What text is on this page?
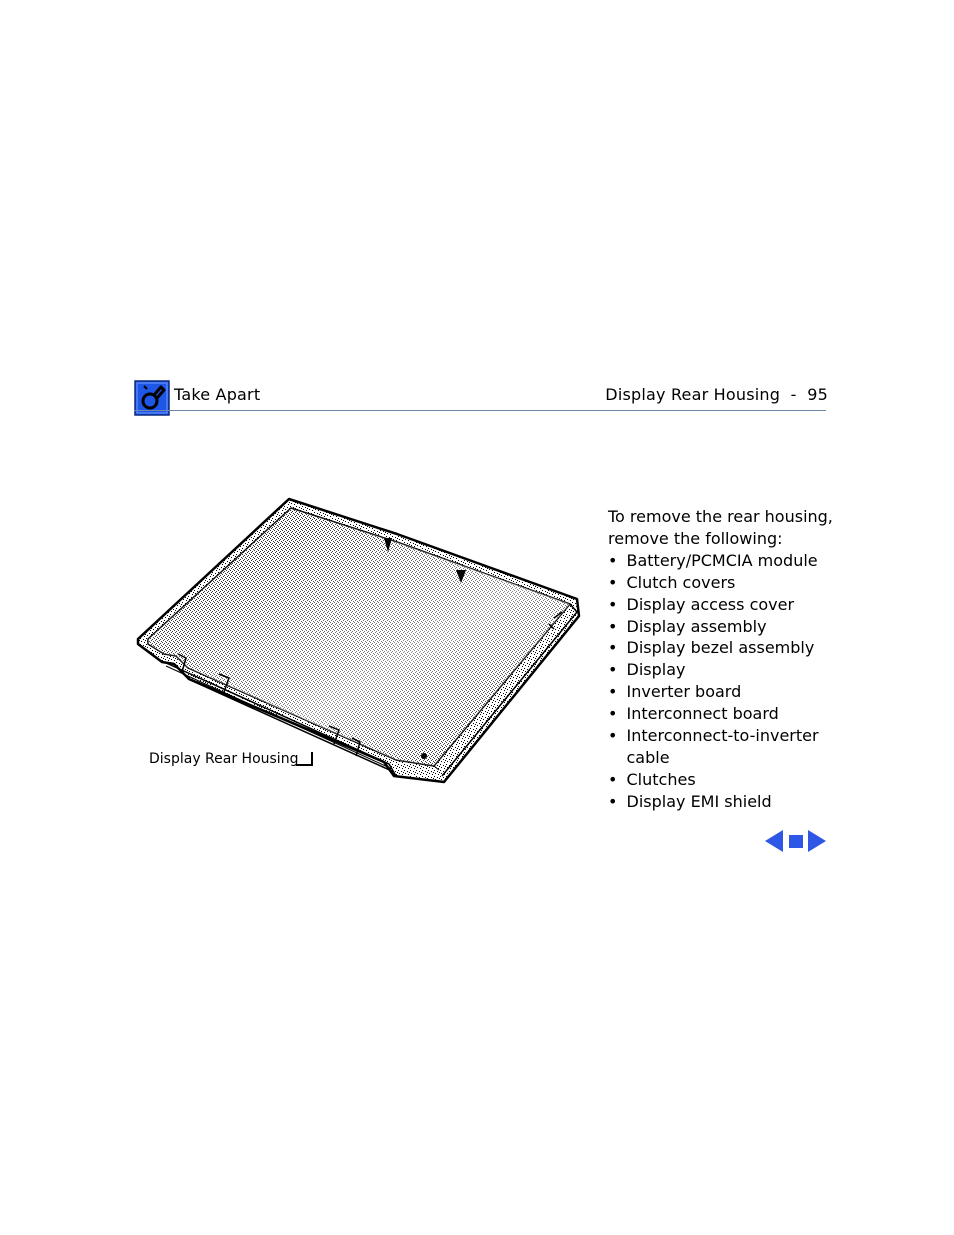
Take Apart	Display Rear Housing  -  95
Display Rear Housing

To remove the rear housing, remove the following:

• Battery/PCMCIA module
• Clutch covers
• Display access cover
• Display assembly
• Display bezel assembly
• Display
• Inverter board
• Interconnect board
• Interconnect-to-inverter cable
• Clutches
• Display EMI shield
